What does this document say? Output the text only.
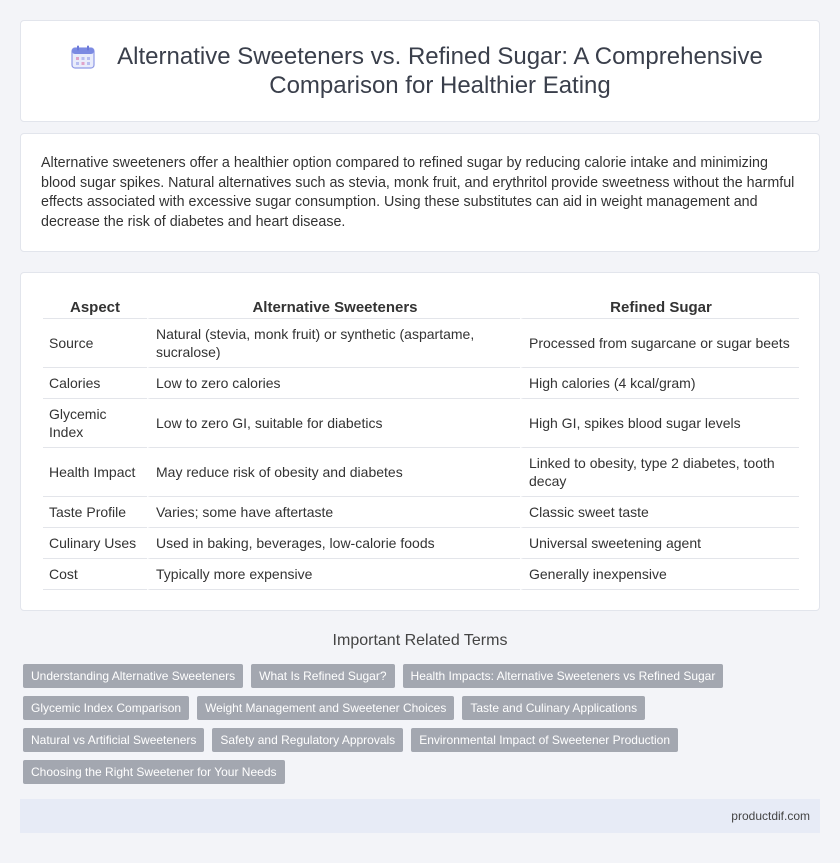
Alternative Sweeteners vs. Refined Sugar: A Comprehensive Comparison for Healthier Eating

Alternative sweeteners offer a healthier option compared to refined sugar by reducing calorie intake and minimizing blood sugar spikes. Natural alternatives such as stevia, monk fruit, and erythritol provide sweetness without the harmful effects associated with excessive sugar consumption. Using these substitutes can aid in weight management and decrease the risk of diabetes and heart disease.

Aspect	Alternative Sweeteners	Refined Sugar
Source	Natural (stevia, monk fruit) or synthetic (aspartame, sucralose)	Processed from sugarcane or sugar beets
Calories	Low to zero calories	High calories (4 kcal/gram)
Glycemic Index	Low to zero GI, suitable for diabetics	High GI, spikes blood sugar levels
Health Impact	May reduce risk of obesity and diabetes	Linked to obesity, type 2 diabetes, tooth decay
Taste Profile	Varies; some have aftertaste	Classic sweet taste
Culinary Uses	Used in baking, beverages, low-calorie foods	Universal sweetening agent
Cost	Typically more expensive	Generally inexpensive
Important Related Terms
Understanding Alternative Sweeteners	What Is Refined Sugar?	Health Impacts: Alternative Sweeteners vs Refined Sugar
Glycemic Index Comparison	Weight Management and Sweetener Choices	Taste and Culinary Applications
Natural vs Artificial Sweeteners	Safety and Regulatory Approvals	Environmental Impact of Sweetener Production
Choosing the Right Sweetener for Your Needs
productdif.com
